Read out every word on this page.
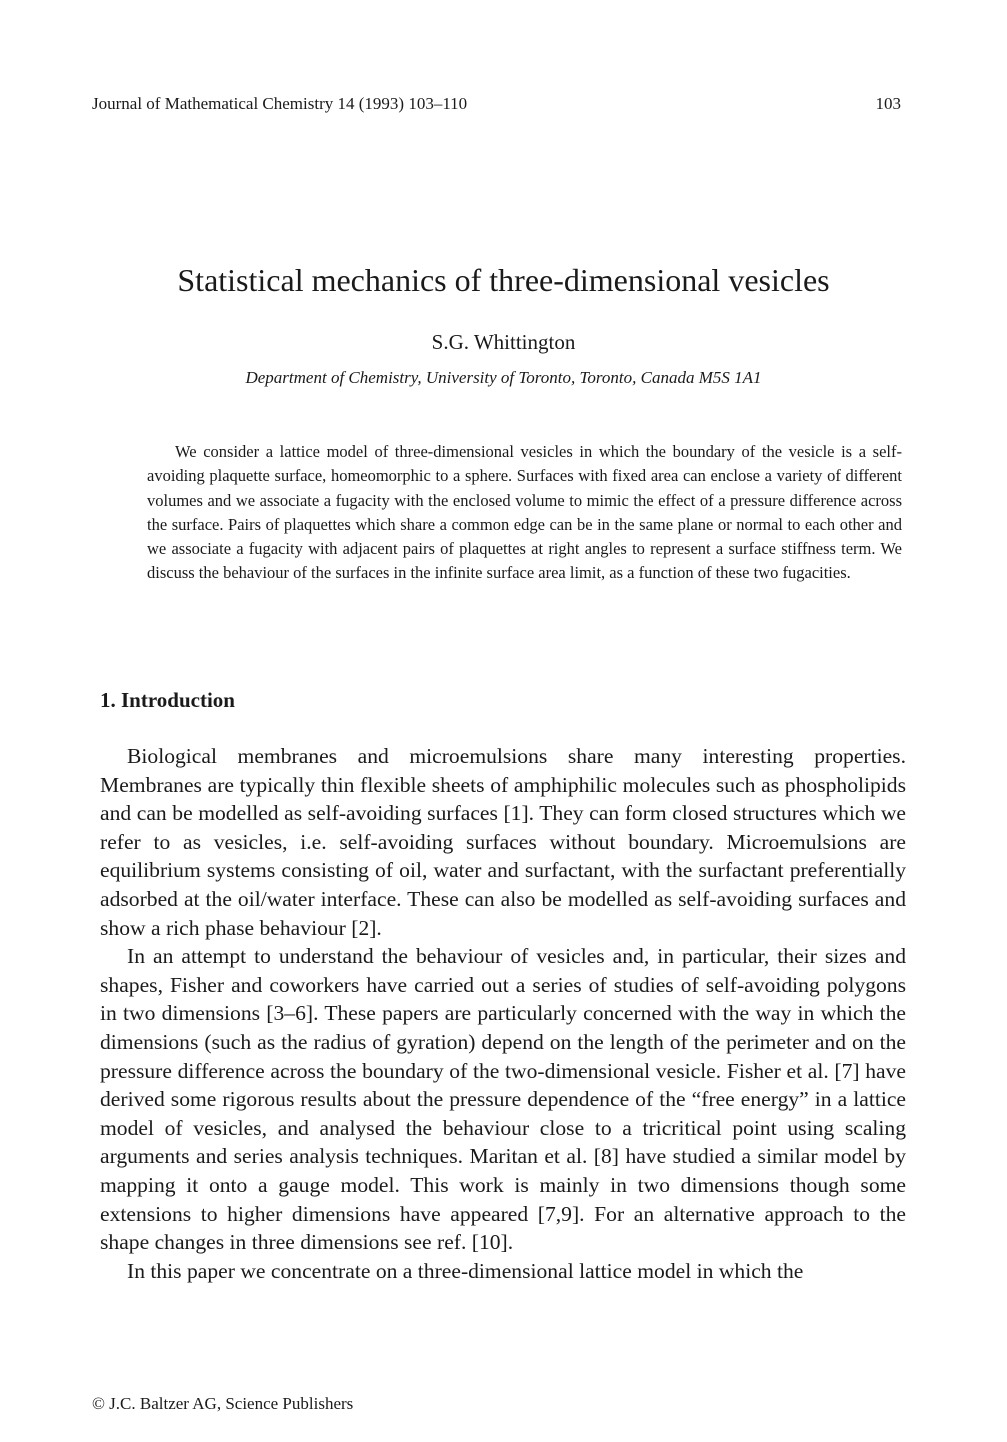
Journal of Mathematical Chemistry 14 (1993) 103–110	103
Statistical mechanics of three-dimensional vesicles
S.G. Whittington
Department of Chemistry, University of Toronto, Toronto, Canada M5S 1A1
We consider a lattice model of three-dimensional vesicles in which the boundary of the vesicle is a self-avoiding plaquette surface, homeomorphic to a sphere. Surfaces with fixed area can enclose a variety of different volumes and we associate a fugacity with the enclosed volume to mimic the effect of a pressure difference across the surface. Pairs of plaquettes which share a common edge can be in the same plane or normal to each other and we associate a fugacity with adjacent pairs of plaquettes at right angles to represent a surface stiffness term. We discuss the behaviour of the surfaces in the infinite surface area limit, as a function of these two fugacities.
1. Introduction

Biological membranes and microemulsions share many interesting properties. Membranes are typically thin flexible sheets of amphiphilic molecules such as phospholipids and can be modelled as self-avoiding surfaces [1]. They can form closed structures which we refer to as vesicles, i.e. self-avoiding surfaces without boundary. Microemulsions are equilibrium systems consisting of oil, water and surfactant, with the surfactant preferentially adsorbed at the oil/water interface. These can also be modelled as self-avoiding surfaces and show a rich phase behaviour [2].

In an attempt to understand the behaviour of vesicles and, in particular, their sizes and shapes, Fisher and coworkers have carried out a series of studies of self-avoiding polygons in two dimensions [3–6]. These papers are particularly concerned with the way in which the dimensions (such as the radius of gyration) depend on the length of the perimeter and on the pressure difference across the boundary of the two-dimensional vesicle. Fisher et al. [7] have derived some rigorous results about the pressure dependence of the “free energy” in a lattice model of vesicles, and analysed the behaviour close to a tricritical point using scaling arguments and series analysis techniques. Maritan et al. [8] have studied a similar model by mapping it onto a gauge model. This work is mainly in two dimensions though some extensions to higher dimensions have appeared [7,9]. For an alternative approach to the shape changes in three dimensions see ref. [10].

In this paper we concentrate on a three-dimensional lattice model in which the

© J.C. Baltzer AG, Science Publishers
